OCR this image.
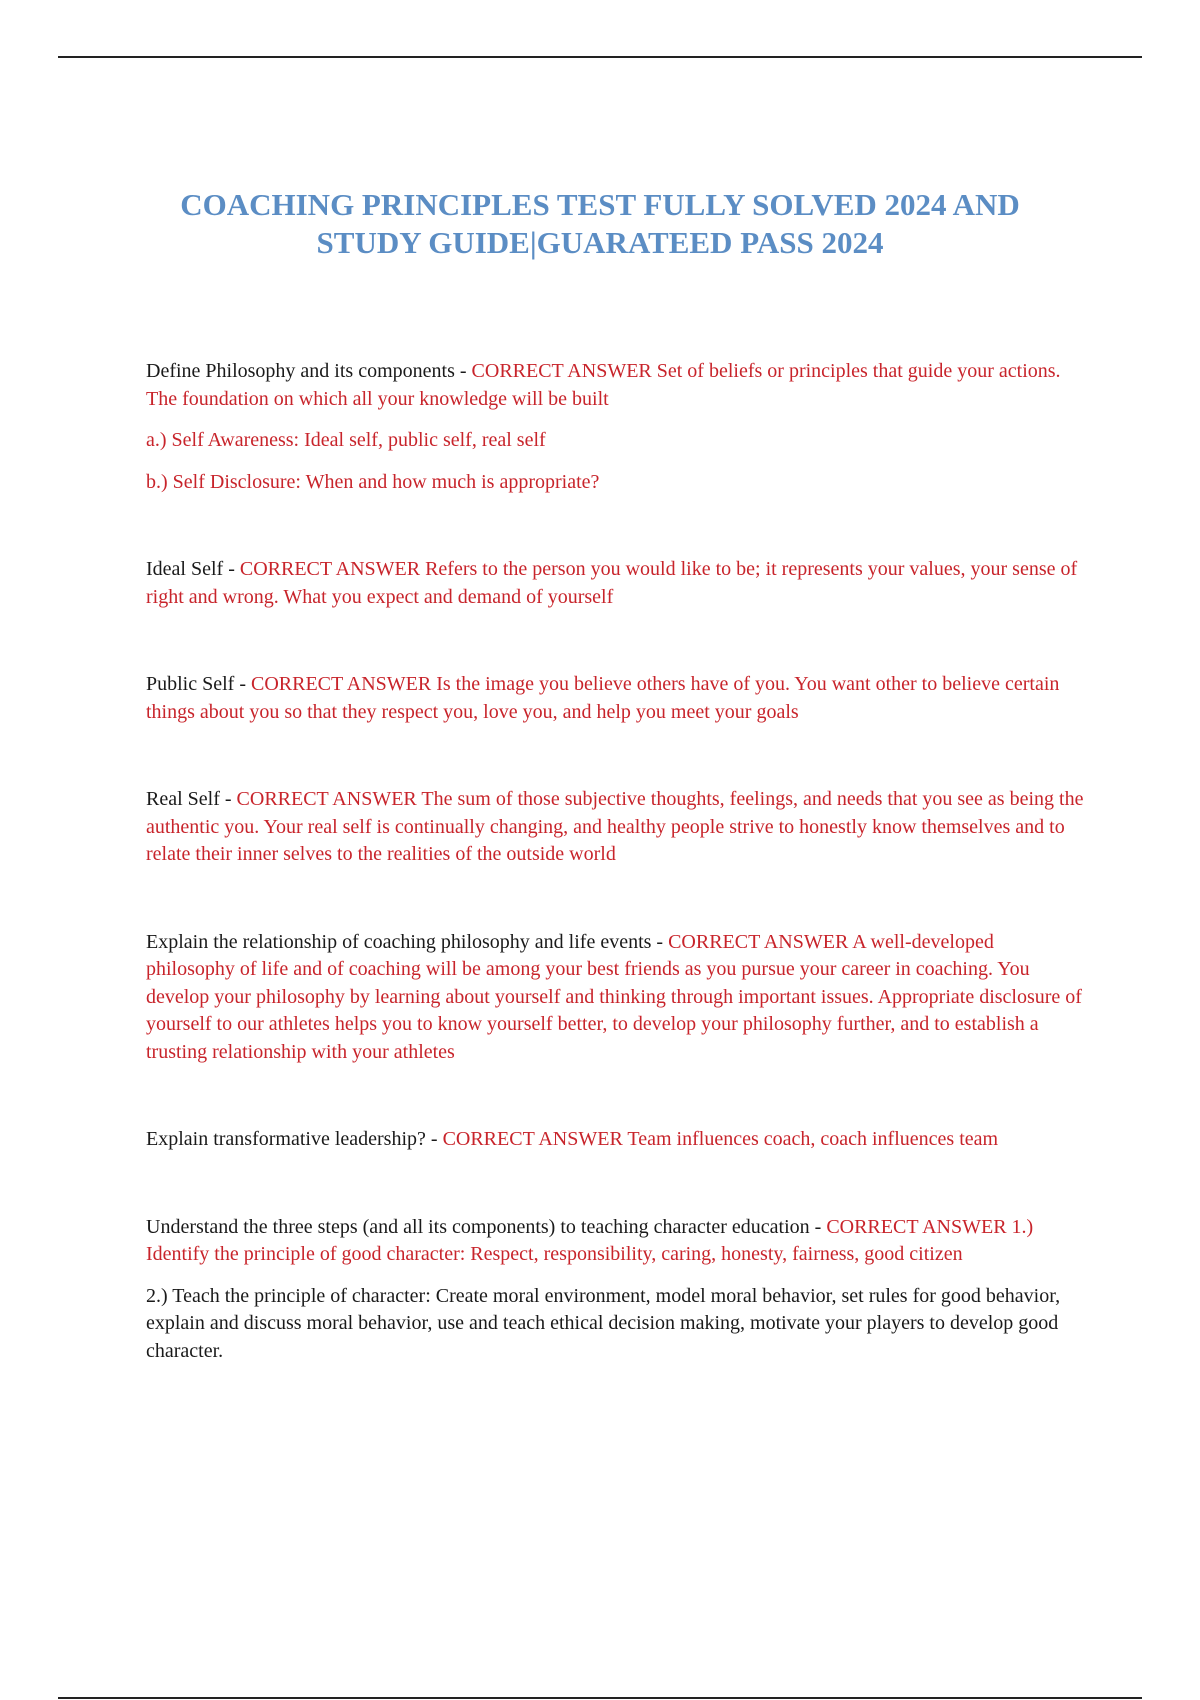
COACHING PRINCIPLES TEST FULLY SOLVED 2024 AND STUDY GUIDE|GUARATEED PASS 2024

Define Philosophy and its components - CORRECT ANSWER Set of beliefs or principles that guide your actions. The foundation on which all your knowledge will be built

a.) Self Awareness: Ideal self, public self, real self

b.) Self Disclosure: When and how much is appropriate?

Ideal Self - CORRECT ANSWER Refers to the person you would like to be; it represents your values, your sense of right and wrong. What you expect and demand of yourself

Public Self - CORRECT ANSWER Is the image you believe others have of you. You want other to believe certain things about you so that they respect you, love you, and help you meet your goals

Real Self - CORRECT ANSWER The sum of those subjective thoughts, feelings, and needs that you see as being the authentic you. Your real self is continually changing, and healthy people strive to honestly know themselves and to relate their inner selves to the realities of the outside world

Explain the relationship of coaching philosophy and life events - CORRECT ANSWER A well-developed philosophy of life and of coaching will be among your best friends as you pursue your career in coaching. You develop your philosophy by learning about yourself and thinking through important issues. Appropriate disclosure of yourself to our athletes helps you to know yourself better, to develop your philosophy further, and to establish a trusting relationship with your athletes

Explain transformative leadership? - CORRECT ANSWER Team influences coach, coach influences team

Understand the three steps (and all its components) to teaching character education - CORRECT ANSWER 1.) Identify the principle of good character: Respect, responsibility, caring, honesty, fairness, good citizen

2.) Teach the principle of character: Create moral environment, model moral behavior, set rules for good behavior, explain and discuss moral behavior, use and teach ethical decision making, motivate your players to develop good character.
